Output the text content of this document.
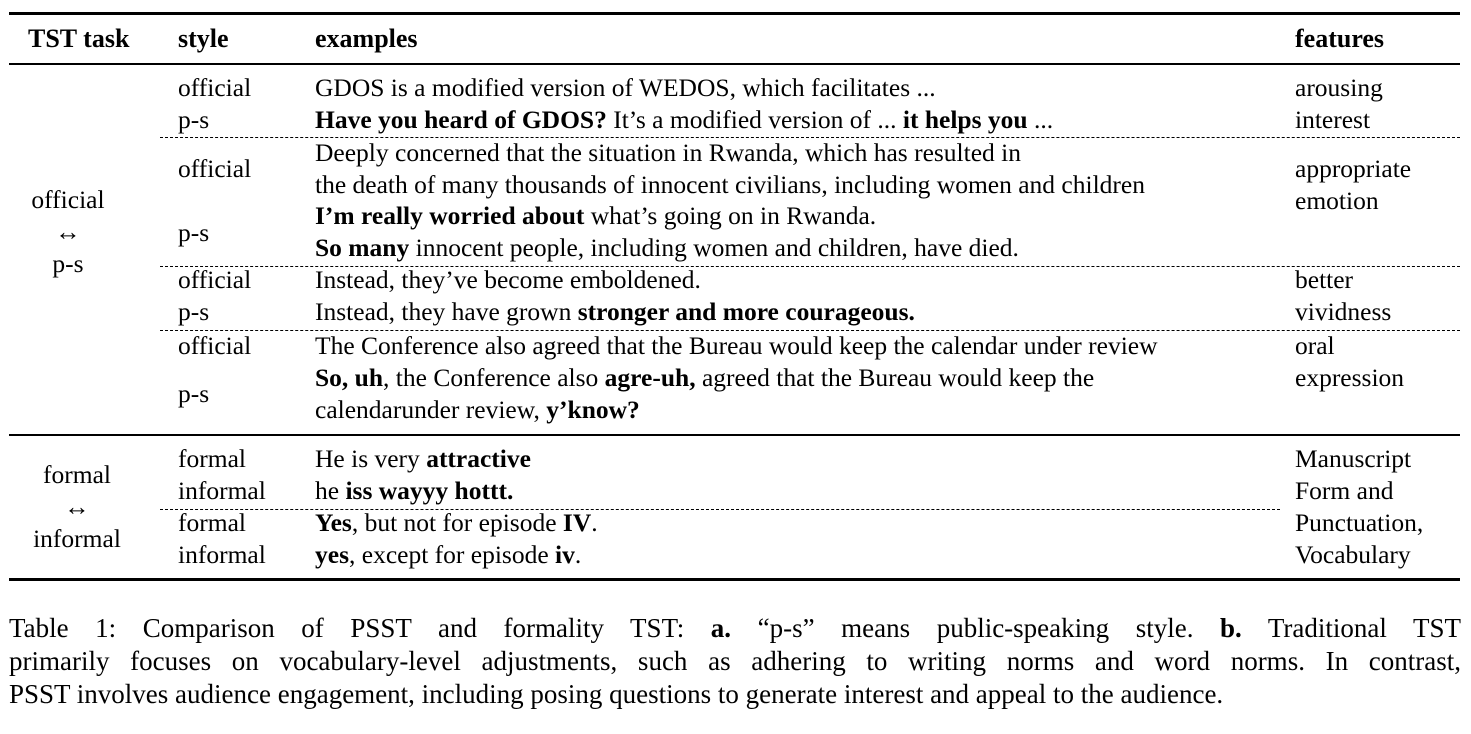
TST task style	examples	features
official
↔
p-s
official
p-s
GDOS is a modified version of WEDOS, which facilitates ...
Have you heard of GDOS? It’s a modified version of ... it helps you ...
arousing
interest
official
p-s
Deeply concerned that the situation in Rwanda, which has resulted in
the death of many thousands of innocent civilians, including women and children
I’m really worried about what’s going on in Rwanda.
So many innocent people, including women and children, have died.
appropriate
emotion
official
p-s
Instead, they’ve become emboldened.
Instead, they have grown stronger and more courageous.
better
vividness
official
p-s
The Conference also agreed that the Bureau would keep the calendar under review
So, uh, the Conference also agre-uh, agreed that the Bureau would keep the
calendarunder review, y’know?
oral
expression
formal
↔
informal
formal
informal
He is very attractive
he iss wayyy hottt.
formal
informal
Yes, but not for episode IV.
yes, except for episode iv.
Manuscript
Form and
Punctuation,
Vocabulary
Table 1: Comparison of PSST and formality TST: a. “p-s” means public-speaking style. b. Traditional TST
primarily focuses on vocabulary-level adjustments, such as adhering to writing norms and word norms. In contrast,
PSST involves audience engagement, including posing questions to generate interest and appeal to the audience.
